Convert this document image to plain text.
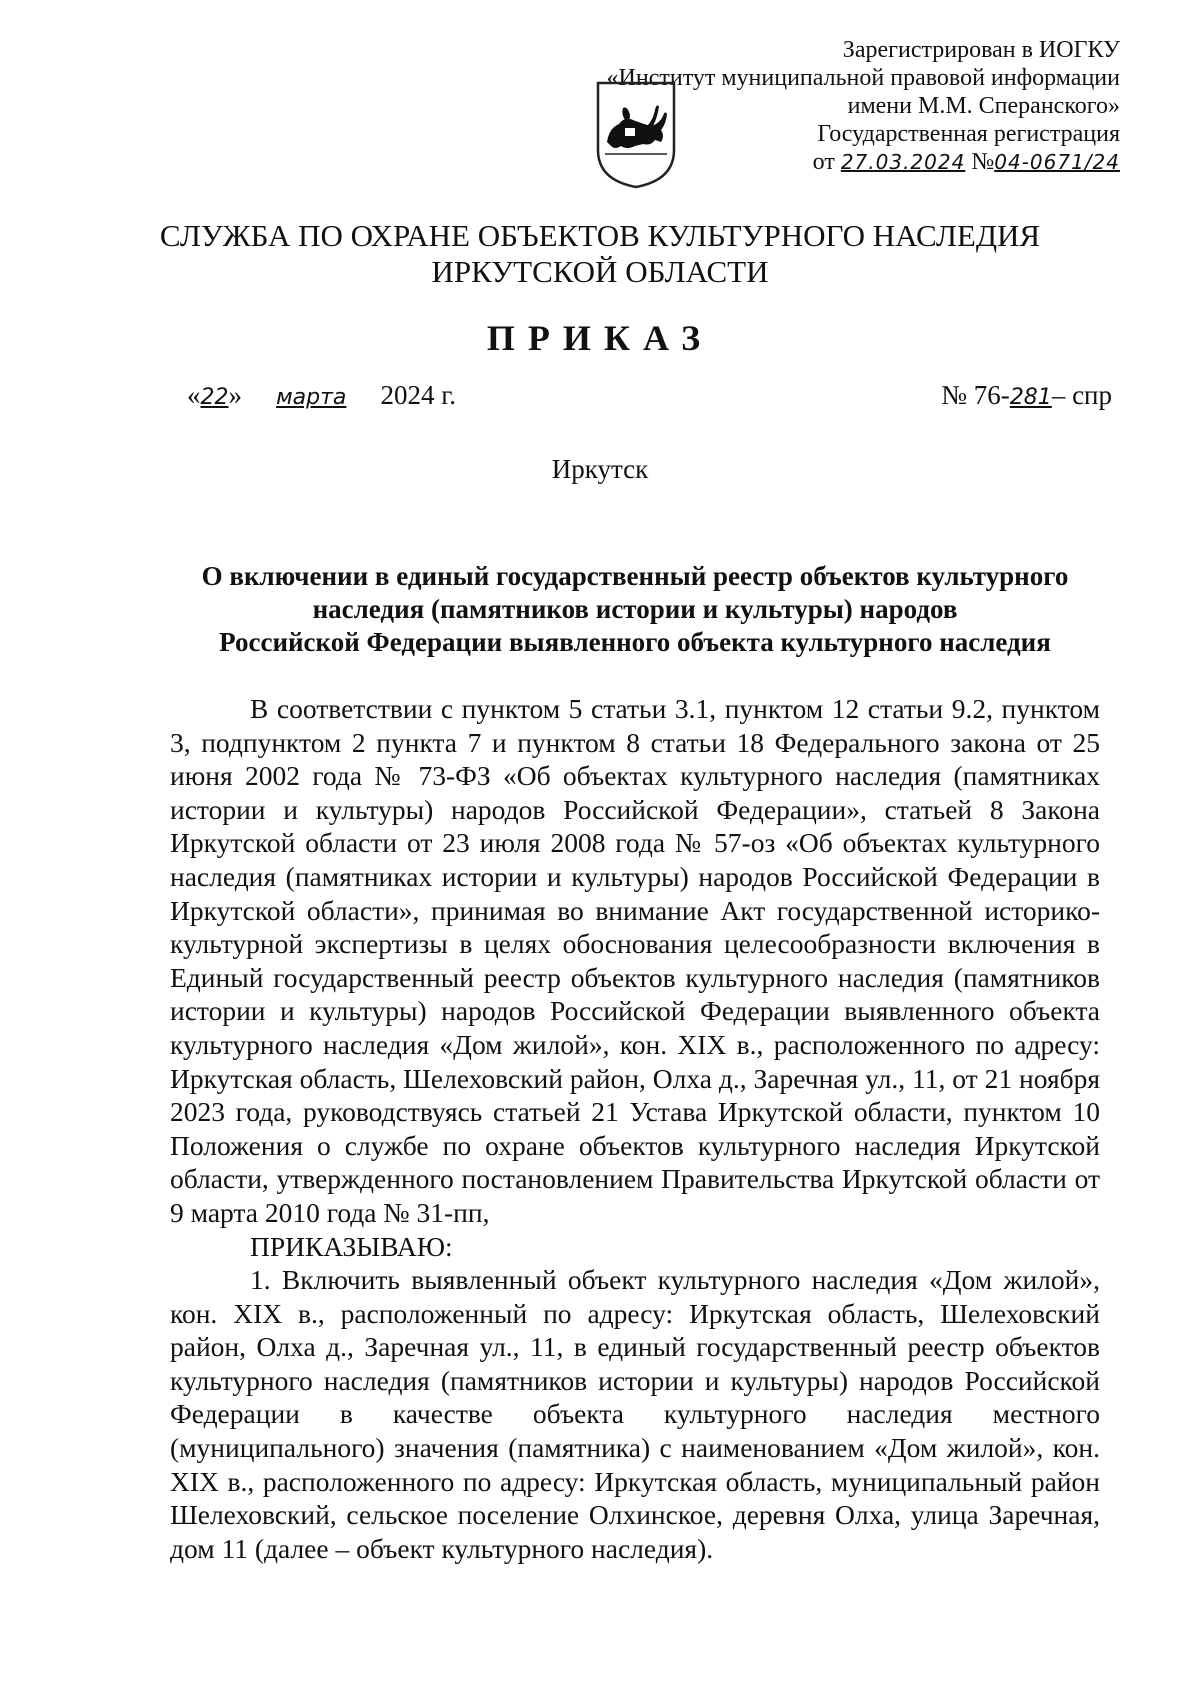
Зарегистрирован в ИОГКУ
«Институт муниципальной правовой информации
имени М.М. Сперанского»
Государственная регистрация
от 27.03.2024 №04-0671/24
СЛУЖБА ПО ОХРАНЕ ОБЪЕКТОВ КУЛЬТУРНОГО НАСЛЕДИЯ
ИРКУТСКОЙ ОБЛАСТИ
ПРИКАЗ
«22» марта 2024 г.	№ 76-281– спр
Иркутск
О включении в единый государственный реестр объектов культурного
наследия (памятников истории и культуры) народов
Российской Федерации выявленного объекта культурного наследия

В соответствии с пунктом 5 статьи 3.1, пунктом 12 статьи 9.2, пунктом 3, подпунктом 2 пункта 7 и пунктом 8 статьи 18 Федерального закона от 25 июня 2002 года № 73-ФЗ «Об объектах культурного наследия (памятниках истории и культуры) народов Российской Федерации», статьей 8 Закона Иркутской области от 23 июля 2008 года № 57-оз «Об объектах культурного наследия (памятниках истории и культуры) народов Российской Федерации в Иркутской области», принимая во внимание Акт государственной историко-культурной экспертизы в целях обоснования целесообразности включения в Единый государственный реестр объектов культурного наследия (памятников истории и культуры) народов Российской Федерации выявленного объекта культурного наследия «Дом жилой», кон. XIX в., расположенного по адресу: Иркутская область, Шелеховский район, Олха д., Заречная ул., 11, от 21 ноября 2023 года, руководствуясь статьей 21 Устава Иркутской области, пунктом 10 Положения о службе по охране объектов культурного наследия Иркутской области, утвержденного постановлением Правительства Иркутской области от 9 марта 2010 года № 31-пп,

ПРИКАЗЫВАЮ:

1. Включить выявленный объект культурного наследия «Дом жилой», кон. XIX в., расположенный по адресу: Иркутская область, Шелеховский район, Олха д., Заречная ул., 11, в единый государственный реестр объектов культурного наследия (памятников истории и культуры) народов Российской Федерации в качестве объекта культурного наследия местного (муниципального) значения (памятника) с наименованием «Дом жилой», кон. XIX в., расположенного по адресу: Иркутская область, муниципальный район Шелеховский, сельское поселение Олхинское, деревня Олха, улица Заречная, дом 11 (далее – объект культурного наследия).
